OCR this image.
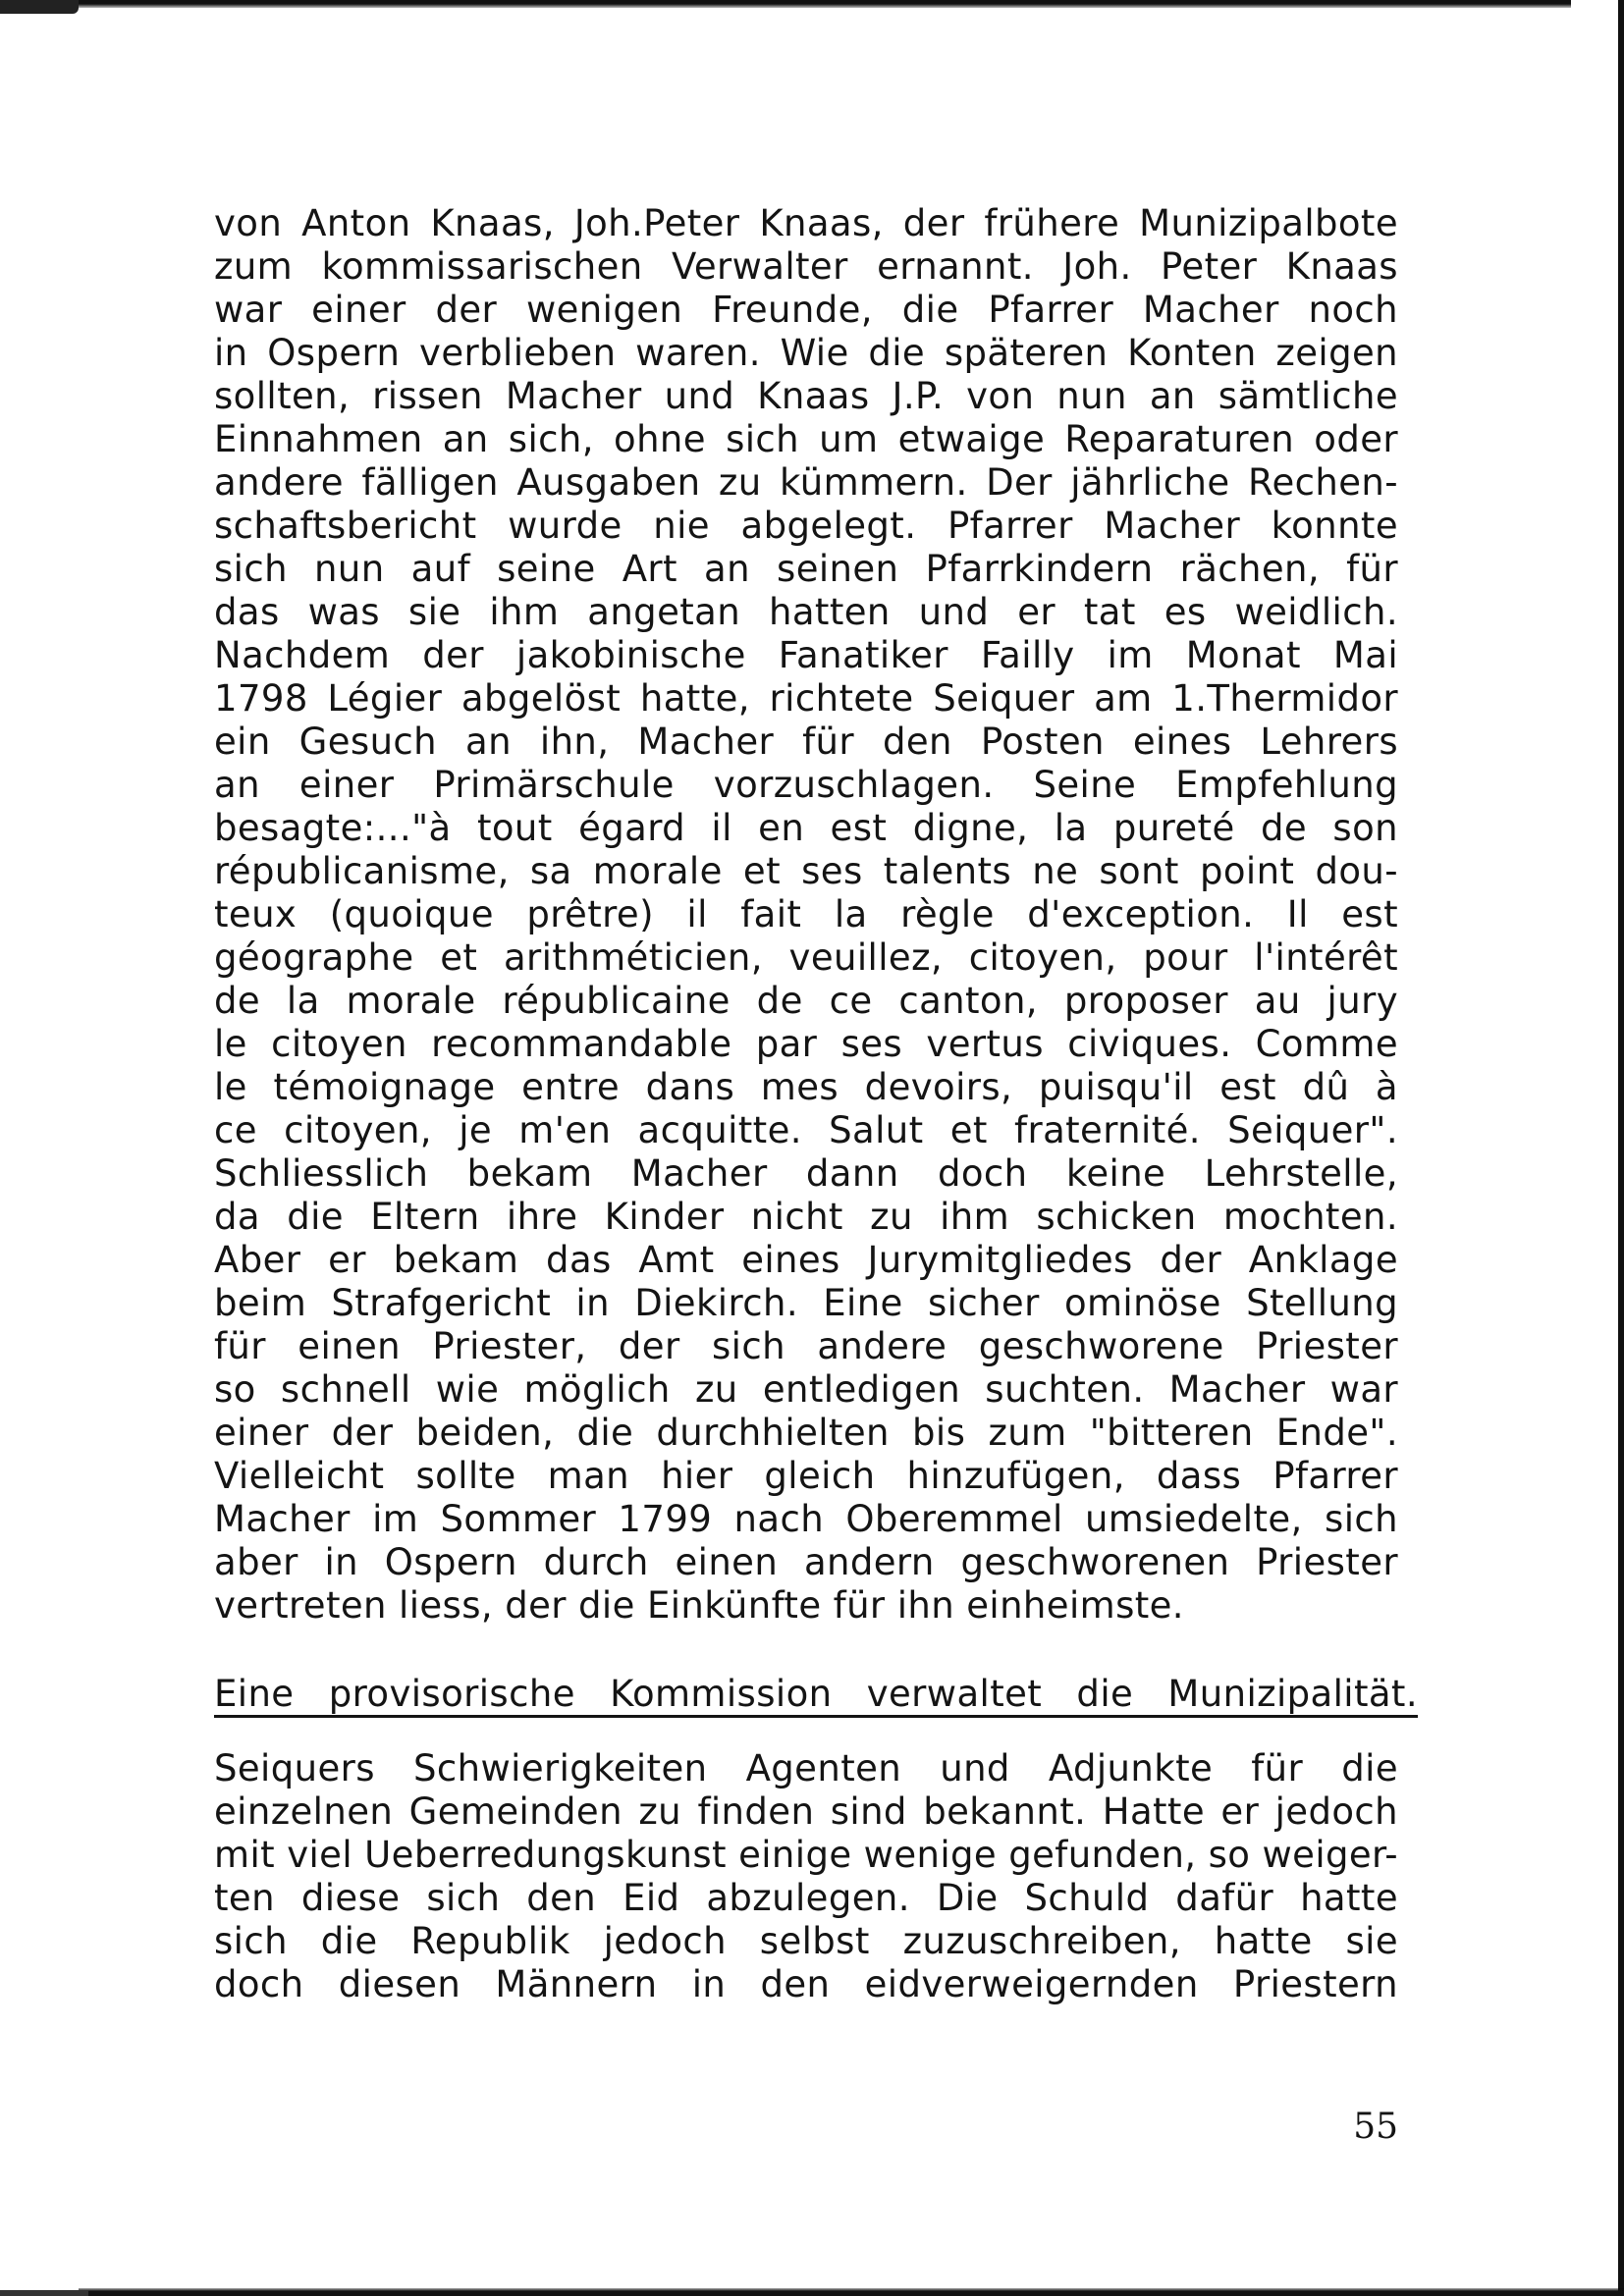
von Anton Knaas, Joh.Peter Knaas, der frühere Munizipalbote
zum kommissarischen Verwalter ernannt. Joh. Peter Knaas
war einer der wenigen Freunde, die Pfarrer Macher noch
in Ospern verblieben waren. Wie die späteren Konten zeigen
sollten, rissen Macher und Knaas J.P. von nun an sämtliche
Einnahmen an sich, ohne sich um etwaige Reparaturen oder
andere fälligen Ausgaben zu kümmern. Der jährliche Rechen-
schaftsbericht wurde nie abgelegt. Pfarrer Macher konnte
sich nun auf seine Art an seinen Pfarrkindern rächen, für
das was sie ihm angetan hatten und er tat es weidlich.
Nachdem der jakobinische Fanatiker Failly im Monat Mai
1798 Légier abgelöst hatte, richtete Seiquer am 1.Thermidor
ein Gesuch an ihn, Macher für den Posten eines Lehrers
an einer Primärschule vorzuschlagen. Seine Empfehlung
besagte:..."à tout égard il en est digne, la pureté de son
républicanisme, sa morale et ses talents ne sont point dou-
teux (quoique prêtre) il fait la règle d'exception. Il est
géographe et arithméticien, veuillez, citoyen, pour l'intérêt
de la morale républicaine de ce canton, proposer au jury
le citoyen recommandable par ses vertus civiques. Comme
le témoignage entre dans mes devoirs, puisqu'il est dû à
ce citoyen, je m'en acquitte. Salut et fraternité. Seiquer".
Schliesslich bekam Macher dann doch keine Lehrstelle,
da die Eltern ihre Kinder nicht zu ihm schicken mochten.
Aber er bekam das Amt eines Jurymitgliedes der Anklage
beim Strafgericht in Diekirch. Eine sicher ominöse Stellung
für einen Priester, der sich andere geschworene Priester
so schnell wie möglich zu entledigen suchten. Macher war
einer der beiden, die durchhielten bis zum "bitteren Ende".
Vielleicht sollte man hier gleich hinzufügen, dass Pfarrer
Macher im Sommer 1799 nach Oberemmel umsiedelte, sich
aber in Ospern durch einen andern geschworenen Priester
vertreten liess, der die Einkünfte für ihn einheimste.

Eine provisorische Kommission verwaltet die Munizipalität.

Seiquers Schwierigkeiten Agenten und Adjunkte für die
einzelnen Gemeinden zu finden sind bekannt. Hatte er jedoch
mit viel Ueberredungskunst einige wenige gefunden, so weiger-
ten diese sich den Eid abzulegen. Die Schuld dafür hatte
sich die Republik jedoch selbst zuzuschreiben, hatte sie
doch diesen Männern in den eidverweigernden Priestern

55
